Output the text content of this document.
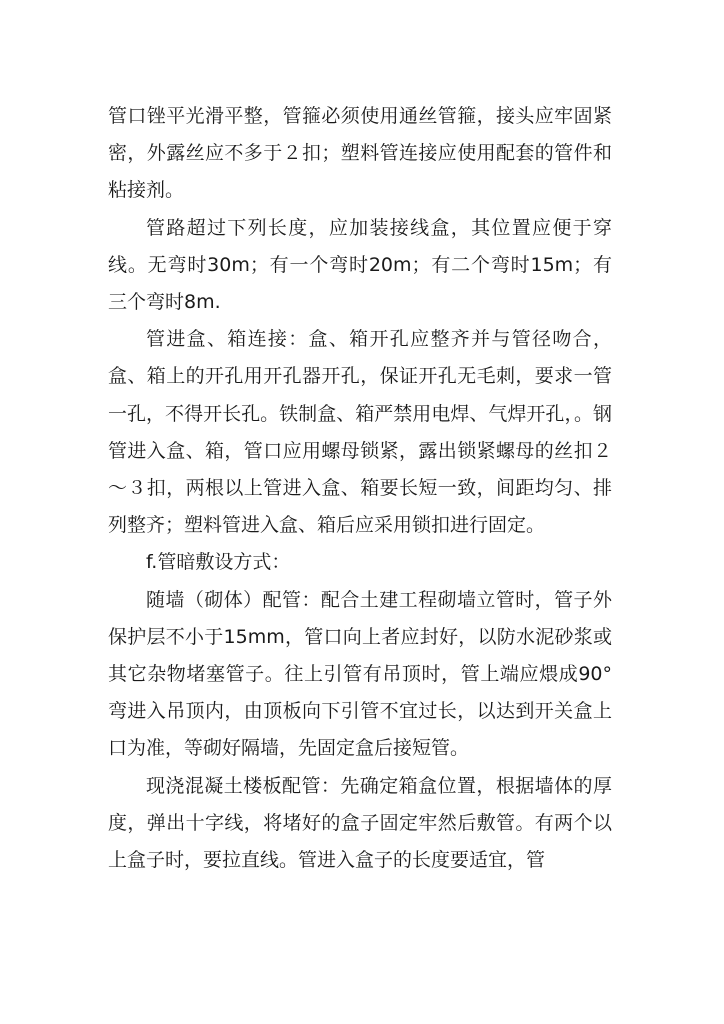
管口锉平光滑平整，管箍必须使用通丝管箍，接头应牢固紧密，外露丝应不多于２扣；塑料管连接应使用配套的管件和粘接剂。

管路超过下列长度，应加装接线盒，其位置应便于穿线。无弯时30m；有一个弯时20m；有二个弯时15m；有三个弯时8m.

管进盒、箱连接：盒、箱开孔应整齐并与管径吻合，盒、箱上的开孔用开孔器开孔，保证开孔无毛刺，要求一管一孔，不得开长孔。铁制盒、箱严禁用电焊、气焊开孔，。钢管进入盒、箱，管口应用螺母锁紧，露出锁紧螺母的丝扣２～３扣，两根以上管进入盒、箱要长短一致，间距均匀、排列整齐；塑料管进入盒、箱后应采用锁扣进行固定。

f.管暗敷设方式：

随墙（砌体）配管：配合土建工程砌墙立管时，管子外保护层不小于15mm，管口向上者应封好，以防水泥砂浆或其它杂物堵塞管子。往上引管有吊顶时，管上端应煨成90°弯进入吊顶内，由顶板向下引管不宜过长，以达到开关盒上口为准，等砌好隔墙，先固定盒后接短管。

现浇混凝土楼板配管：先确定箱盒位置，根据墙体的厚度，弹出十字线，将堵好的盒子固定牢然后敷管。有两个以上盒子时，要拉直线。管进入盒子的长度要适宜，管
